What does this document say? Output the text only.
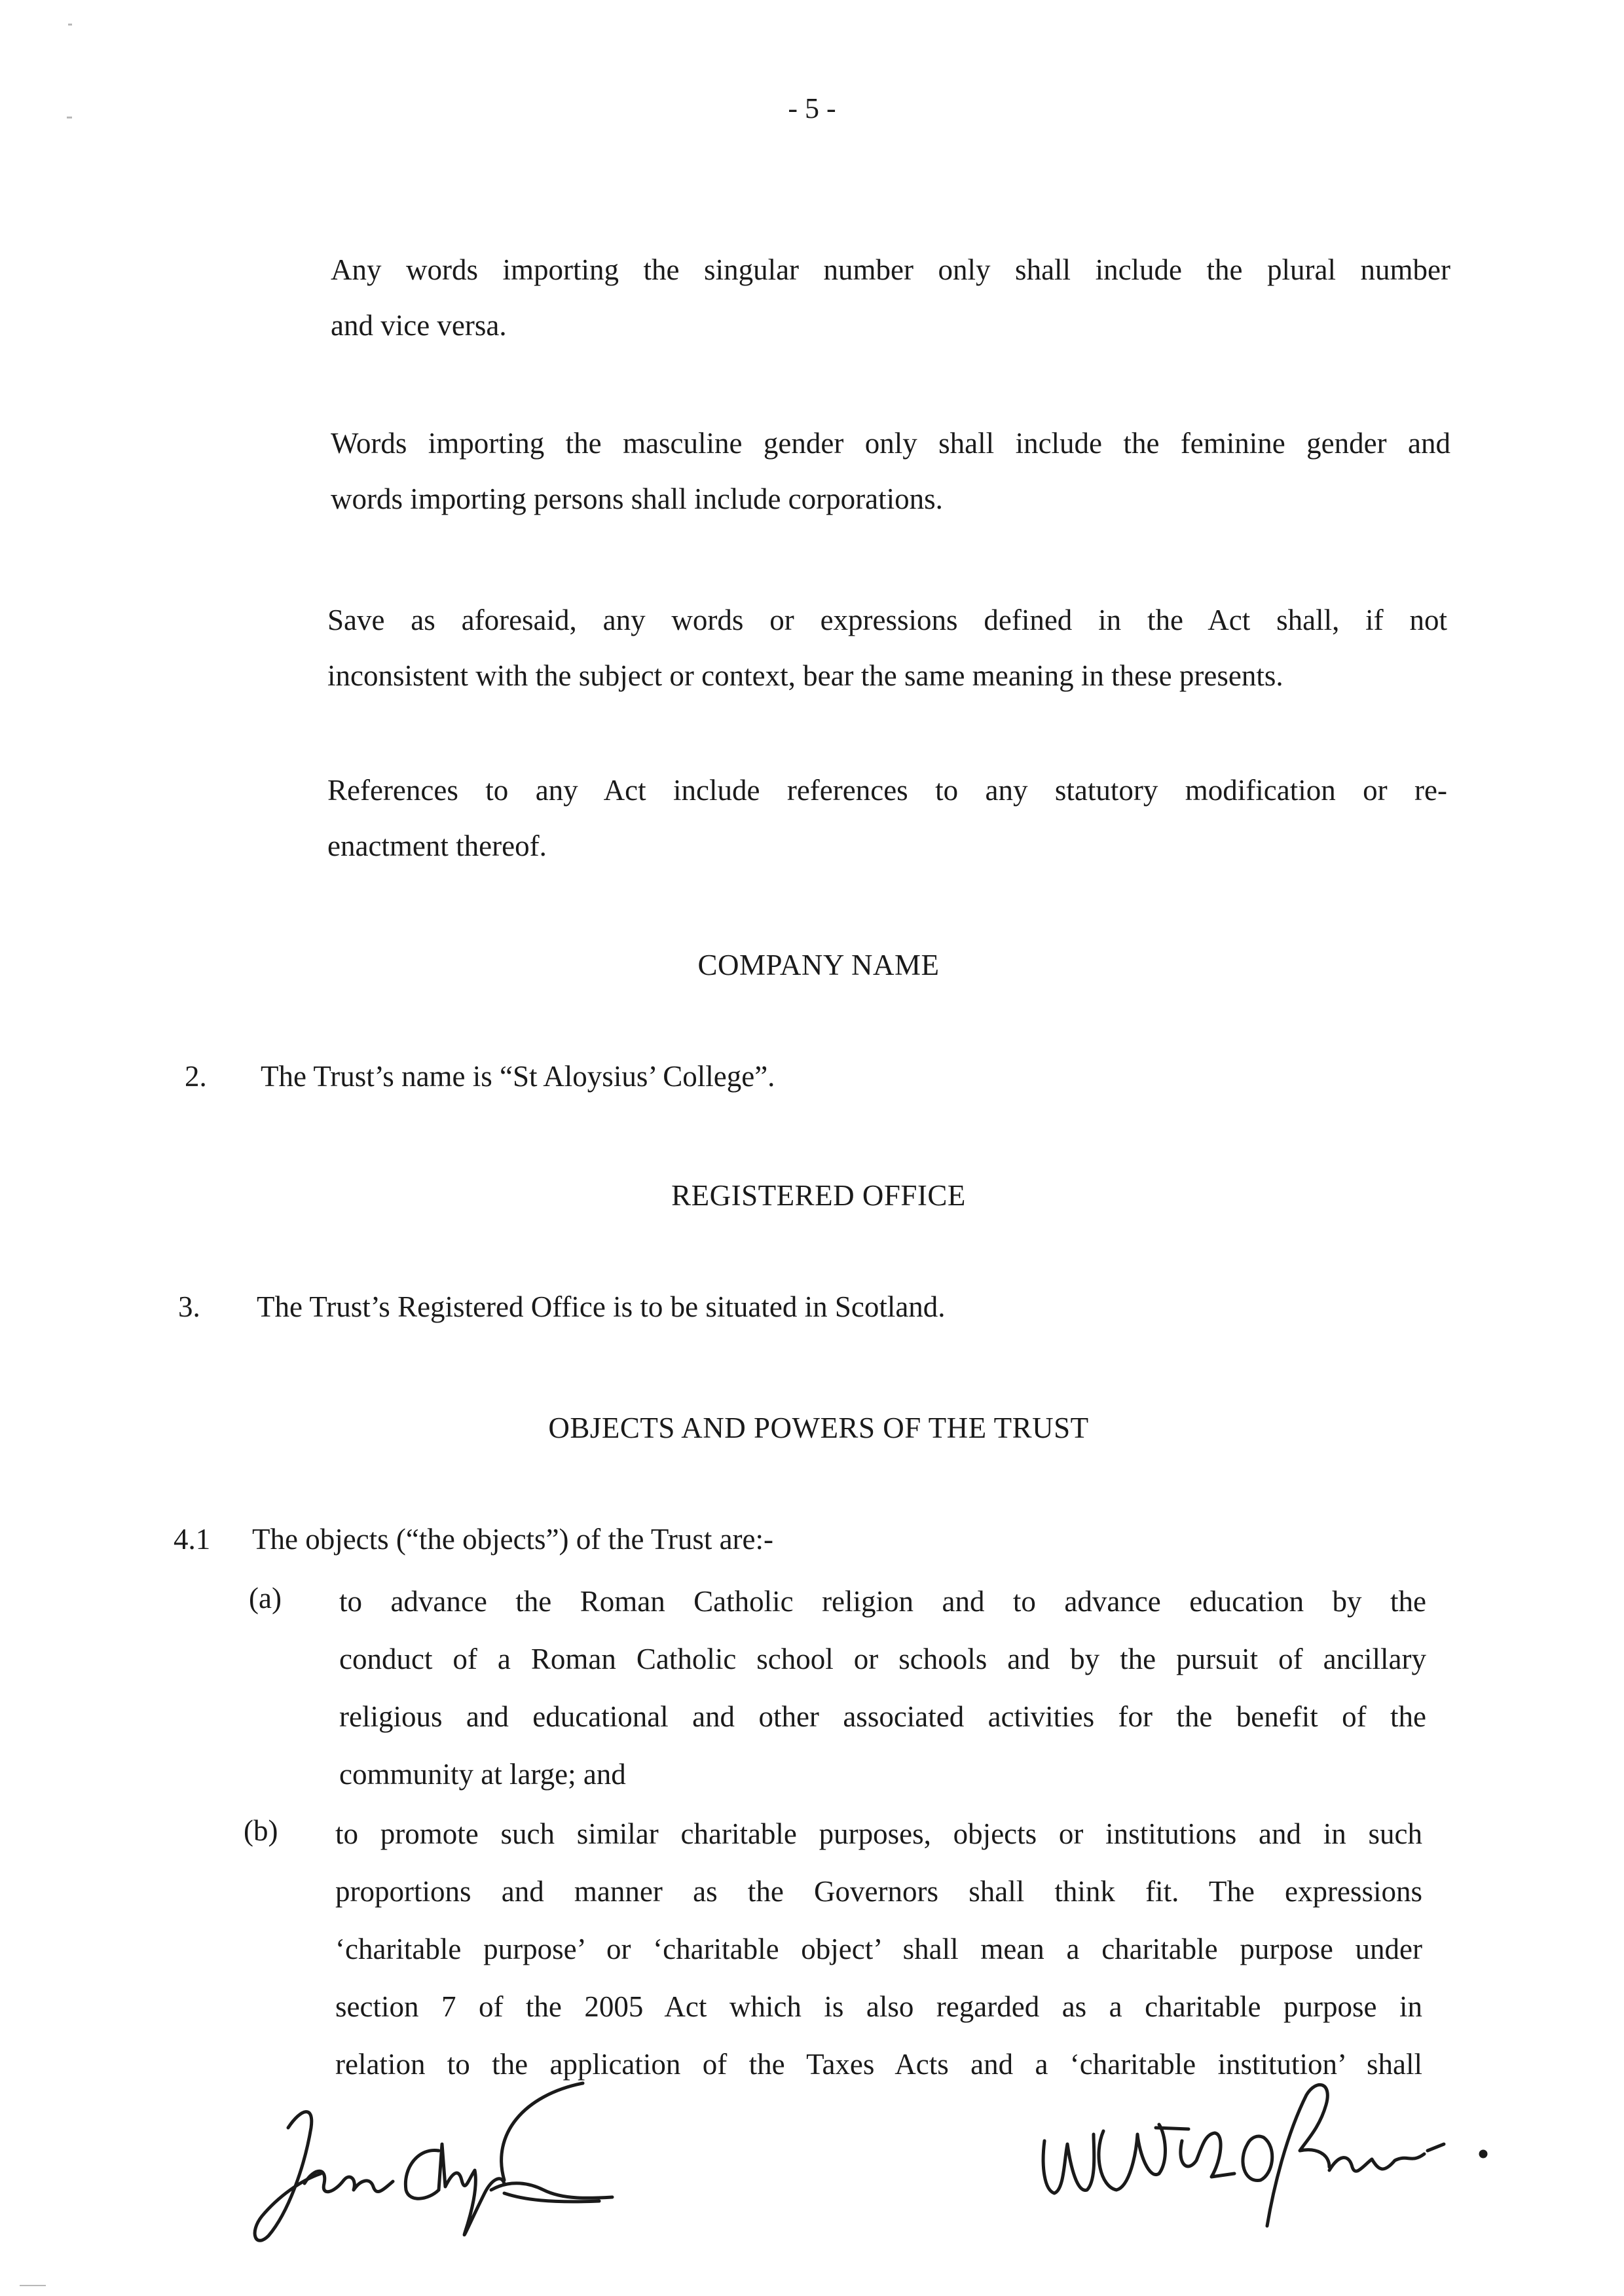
- 5 -
Any words importing the singular number only shall include the plural number
and vice versa.
Words importing the masculine gender only shall include the feminine gender and
words importing persons shall include corporations.
Save as aforesaid, any words or expressions defined in the Act shall, if not
inconsistent with the subject or context, bear the same meaning in these presents.
References to any Act include references to any statutory modification or re-
enactment thereof.
COMPANY NAME
2. The Trust’s name is “St Aloysius’ College”.
REGISTERED OFFICE
3. The Trust’s Registered Office is to be situated in Scotland.
OBJECTS AND POWERS OF THE TRUST
4.1 The objects (“the objects”) of the Trust are:-
(a) to advance the Roman Catholic religion and to advance education by the
conduct of a Roman Catholic school or schools and by the pursuit of ancillary
religious and educational and other associated activities for the benefit of the
community at large; and
(b) to promote such similar charitable purposes, objects or institutions and in such
proportions and manner as the Governors shall think fit. The expressions
‘charitable purpose’ or ‘charitable object’ shall mean a charitable purpose under
section 7 of the 2005 Act which is also regarded as a charitable purpose in
relation to the application of the Taxes Acts and a ‘charitable institution’ shall
